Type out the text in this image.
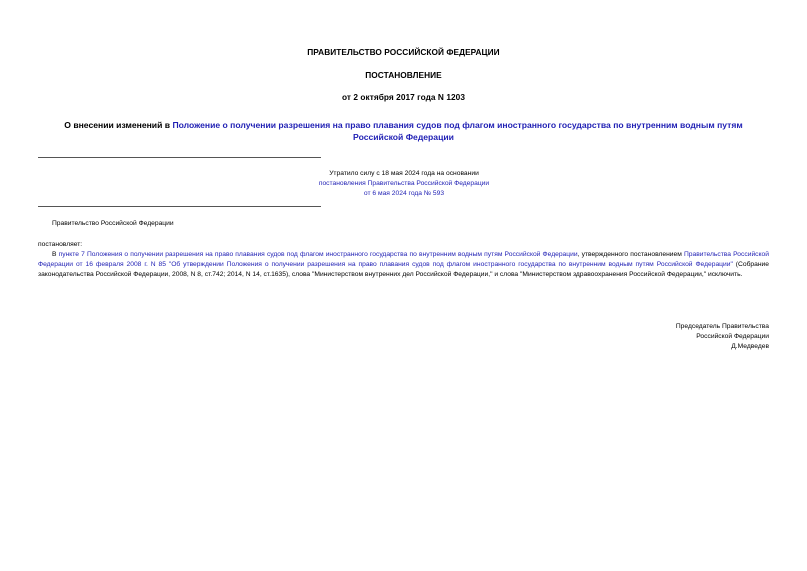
ПРАВИТЕЛЬСТВО РОССИЙСКОЙ ФЕДЕРАЦИИ
ПОСТАНОВЛЕНИЕ
от 2 октября 2017 года N 1203
О внесении изменений в Положение о получении разрешения на право плавания судов под флагом иностранного государства по внутренним водным путям Российской Федерации
Утратило силу с 18 мая 2024 года на основании
постановления Правительства Российской Федерации
от 6 мая 2024 года № 593
Правительство Российской Федерации
постановляет:
В пункте 7 Положения о получении разрешения на право плавания судов под флагом иностранного государства по внутренним водным путям Российской Федерации, утвержденного постановлением Правительства Российской Федерации от 16 февраля 2008 г. N 85 "Об утверждении Положения о получении разрешения на право плавания судов под флагом иностранного государства по внутренним водным путям Российской Федерации" (Собрание законодательства Российской Федерации, 2008, N 8, ст.742; 2014, N 14, ст.1635), слова "Министерством внутренних дел Российской Федерации," и слова "Министерством здравоохранения Российской Федерации," исключить.
Председатель Правительства
Российской Федерации
Д.Медведев
